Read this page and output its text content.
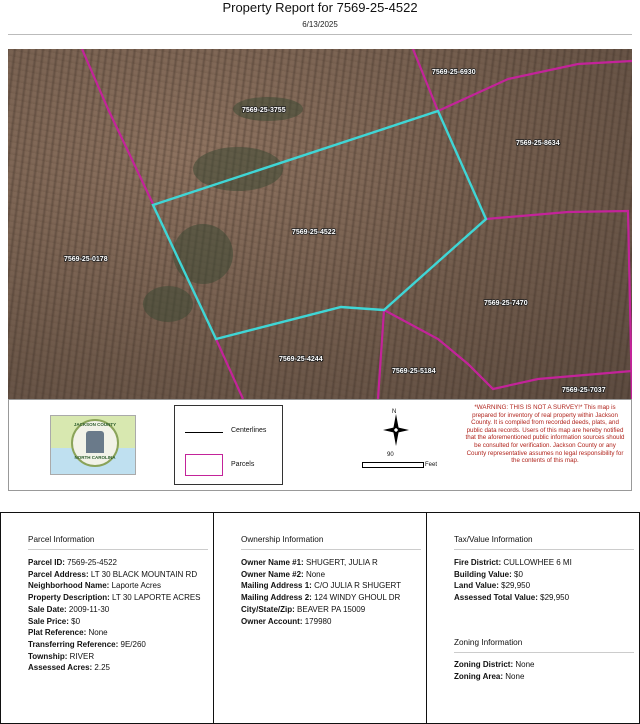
Property Report for 7569-25-4522
6/13/2025
7569-25-6930
7569-25-3755
7569-25-8634
7569-25-4522
7569-25-0178
7569-25-7470
7569-25-4244
7569-25-5184
7569-25-7037
JACKSON COUNTY
NORTH CAROLINA
Centerlines
Parcels
N
90
Feet
*WARNING: THIS IS NOT A SURVEY!* This map is prepared for inventory of real property within Jackson County. It is compiled from recorded deeds, plats, and public data records. Users of this map are hereby notified that the aforementioned public information sources should be consulted for verification. Jackson County or any County representative assumes no legal responsibility for the contents of this map.
Parcel Information
Parcel ID: 7569-25-4522
Parcel Address: LT 30 BLACK MOUNTAIN RD
Neighborhood Name: Laporte Acres
Property Description: LT 30 LAPORTE ACRES
Sale Date: 2009-11-30
Sale Price: $0
Plat Reference: None
Transferring Reference: 9E/260
Township: RIVER
Assessed Acres: 2.25
Ownership Information
Owner Name #1: SHUGERT, JULIA R
Owner Name #2: None
Mailing Address 1: C/O JULIA R SHUGERT
Mailing Address 2: 124 WINDY GHOUL DR
City/State/Zip: BEAVER PA 15009
Owner Account: 179980
Tax/Value Information
Fire District: CULLOWHEE 6 MI
Building Value: $0
Land Value: $29,950
Assessed Total Value: $29,950
Zoning Information
Zoning District: None
Zoning Area: None
